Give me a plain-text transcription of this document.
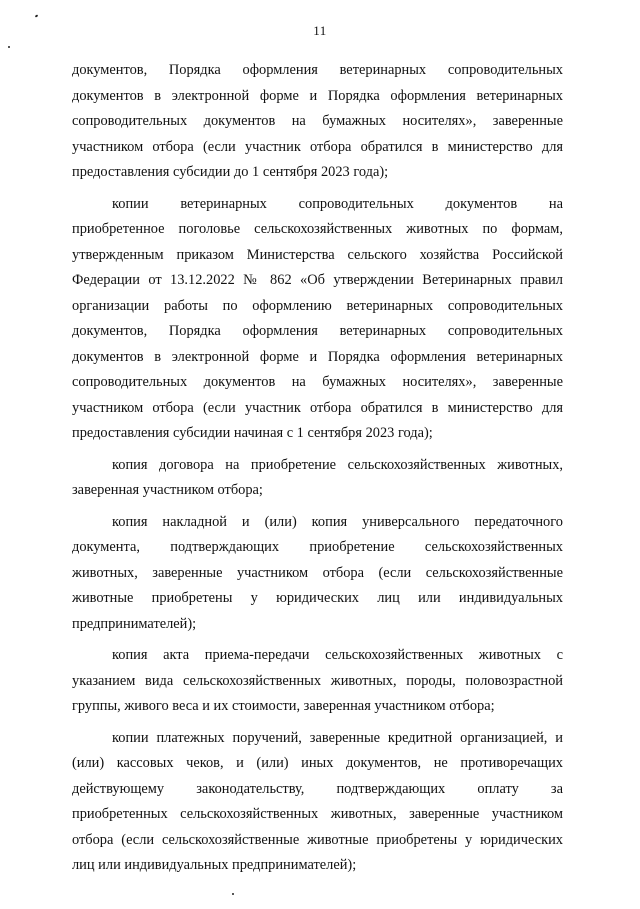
11

документов, Порядка оформления ветеринарных сопроводительных
документов в электронной форме и Порядка оформления ветеринарных
сопроводительных документов на бумажных носителях», заверенные
участником отбора (если участник отбора обратился в министерство для
предоставления субсидии до 1 сентября 2023 года);

копии ветеринарных сопроводительных документов на
приобретенное поголовье сельскохозяйственных животных по формам,
утвержденным приказом Министерства сельского хозяйства Российской
Федерации от 13.12.2022 № 862 «Об утверждении Ветеринарных правил
организации работы по оформлению ветеринарных сопроводительных
документов, Порядка оформления ветеринарных сопроводительных
документов в электронной форме и Порядка оформления ветеринарных
сопроводительных документов на бумажных носителях», заверенные
участником отбора (если участник отбора обратился в министерство для
предоставления субсидии начиная с 1 сентября 2023 года);

копия договора на приобретение сельскохозяйственных животных,
заверенная участником отбора;

копия накладной и (или) копия универсального передаточного
документа, подтверждающих приобретение сельскохозяйственных
животных, заверенные участником отбора (если сельскохозяйственные
животные приобретены у юридических лиц или индивидуальных
предпринимателей);

копия акта приема-передачи сельскохозяйственных животных с
указанием вида сельскохозяйственных животных, породы, половозрастной
группы, живого веса и их стоимости, заверенная участником отбора;

копии платежных поручений, заверенные кредитной организацией, и
(или) кассовых чеков, и (или) иных документов, не противоречащих
действующему законодательству, подтверждающих оплату за
приобретенных сельскохозяйственных животных, заверенные участником
отбора (если сельскохозяйственные животные приобретены у юридических
лиц или индивидуальных предпринимателей);
